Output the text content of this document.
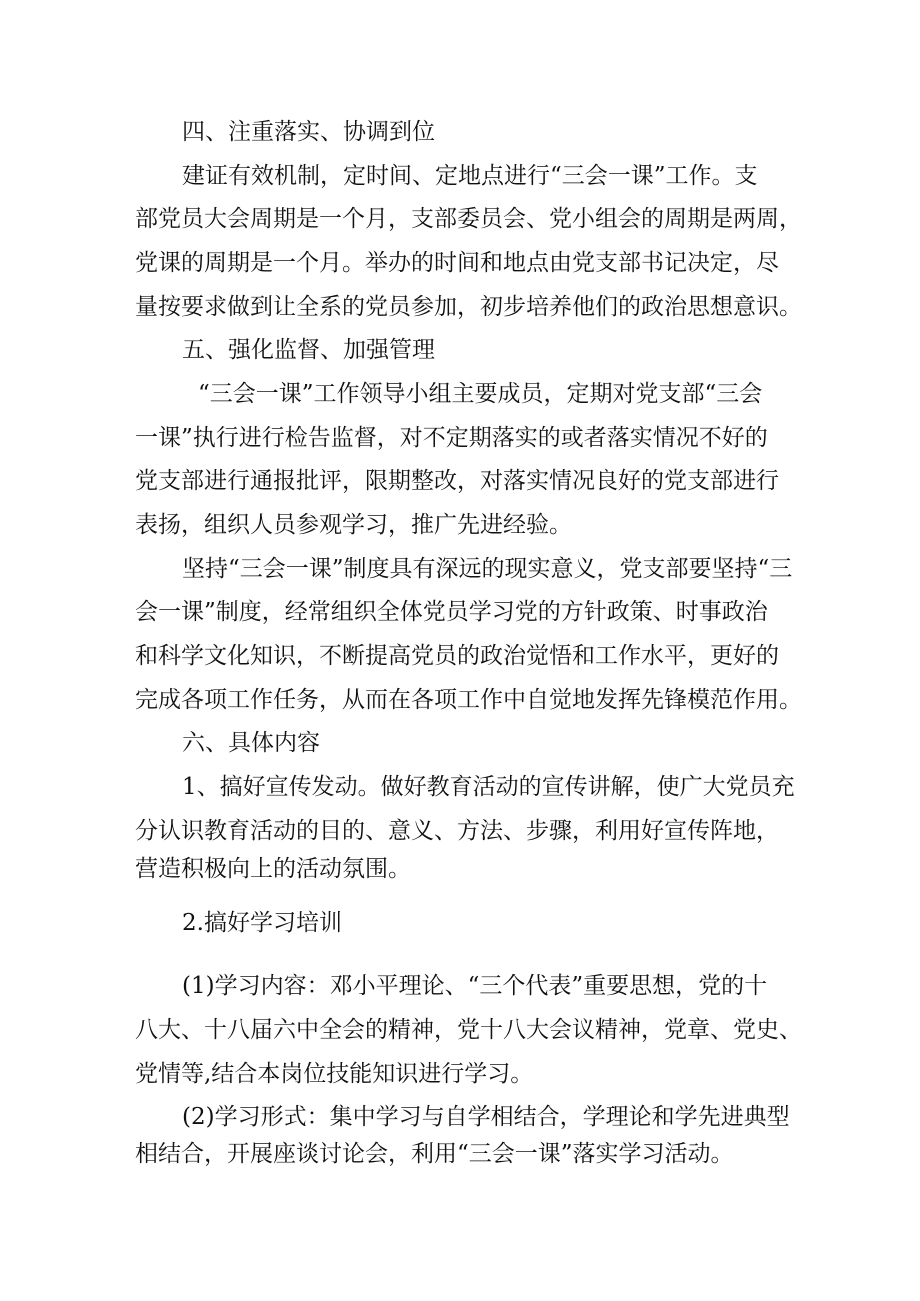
四、注重落实、协调到位
建证有效机制，定时间、定地点进行“三会一课”工作。支
部党员大会周期是一个月，支部委员会、党小组会的周期是两周，
党课的周期是一个月。举办的时间和地点由党支部书记决定，尽
量按要求做到让全系的党员参加，初步培养他们的政治思想意识。
五、强化监督、加强管理
“三会一课”工作领导小组主要成员，定期对党支部“三会
一课”执行进行检告监督，对不定期落实的或者落实情况不好的
党支部进行通报批评，限期整改，对落实情况良好的党支部进行
表扬，组织人员参观学习，推广先进经验。
坚持“三会一课”制度具有深远的现实意义，党支部要坚持“三
会一课”制度，经常组织全体党员学习党的方针政策、时事政治
和科学文化知识，不断提高党员的政治觉悟和工作水平，更好的
完成各项工作任务，从而在各项工作中自觉地发挥先锋模范作用。
六、具体内容
1、搞好宣传发动。做好教育活动的宣传讲解，使广大党员充
分认识教育活动的目的、意义、方法、步骤，利用好宣传阵地，
营造积极向上的活动氛围。
2.搞好学习培训
(1)学习内容：邓小平理论、“三个代表”重要思想，党的十
八大、十八届六中全会的精神，党十八大会议精神，党章、党史、
党情等,结合本岗位技能知识进行学习。
(2)学习形式：集中学习与自学相结合，学理论和学先进典型
相结合，开展座谈讨论会，利用“三会一课”落实学习活动。
